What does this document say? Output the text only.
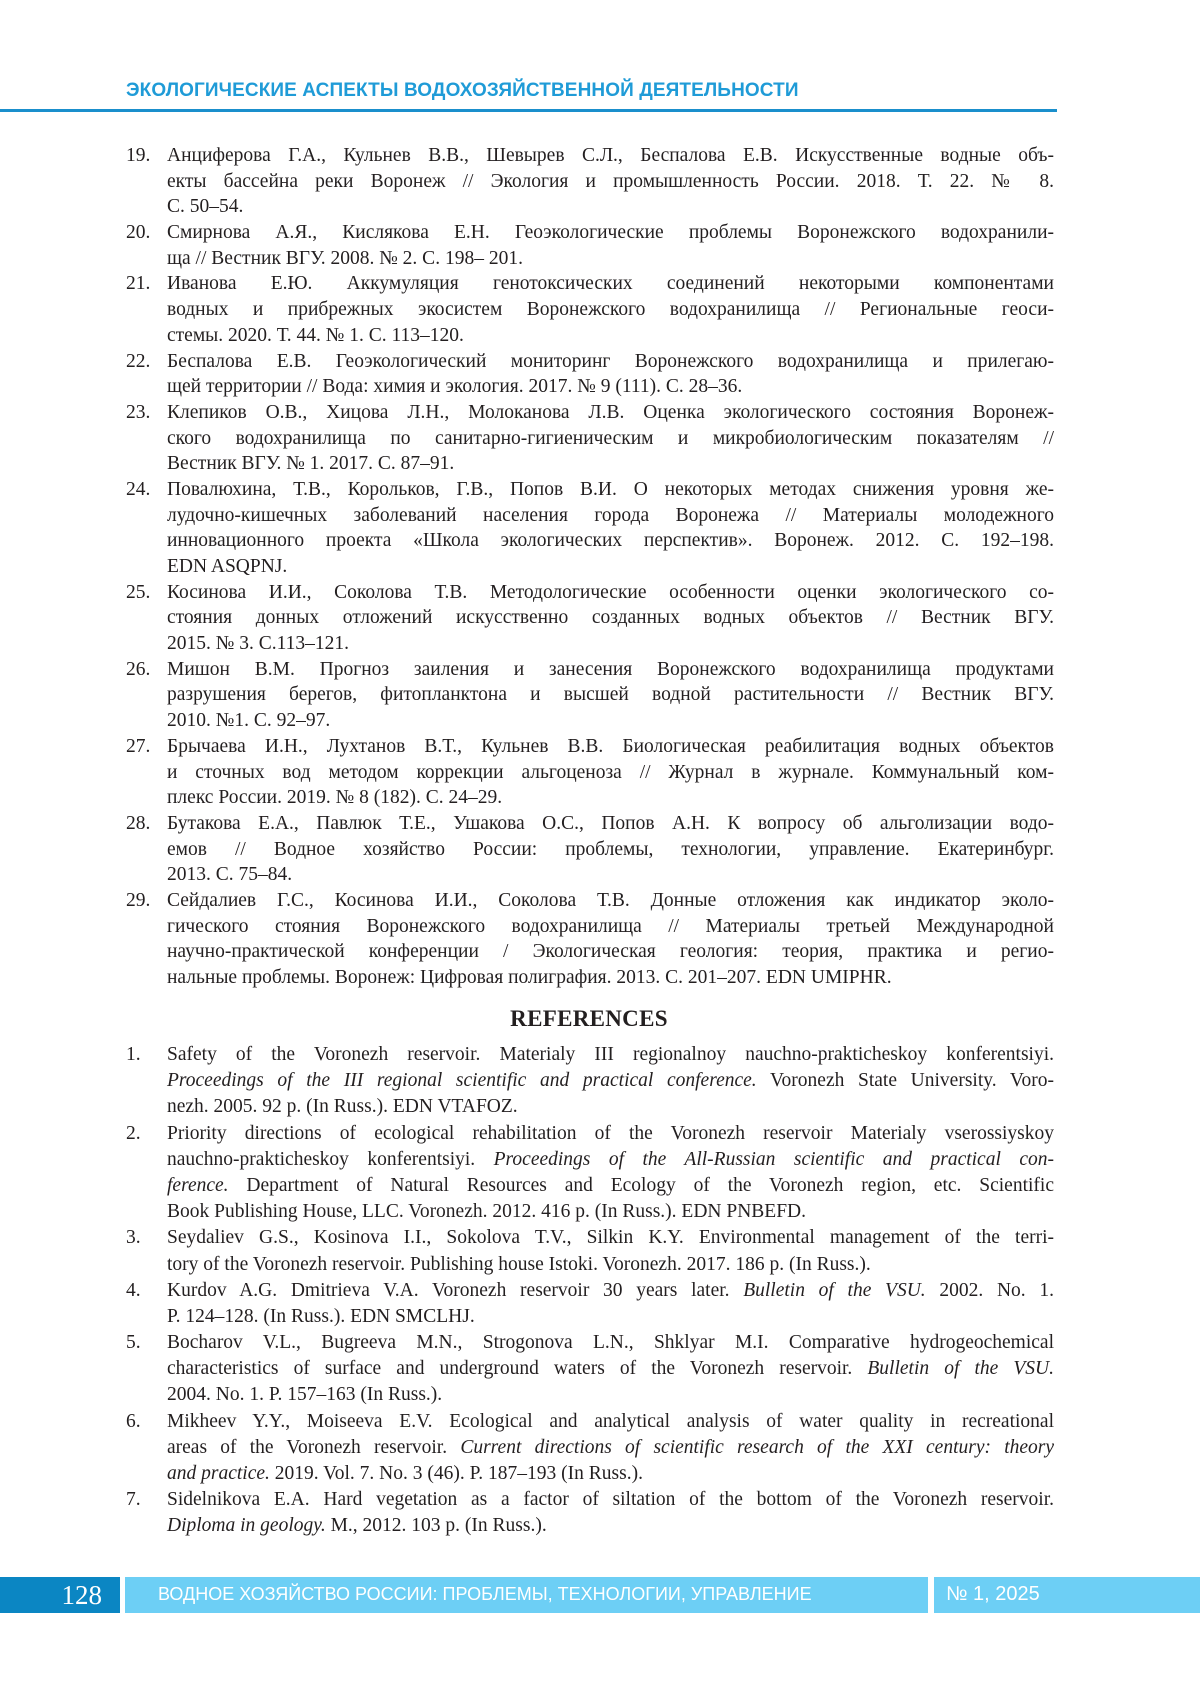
ЭКОЛОГИЧЕСКИЕ АСПЕКТЫ ВОДОХОЗЯЙСТВЕННОЙ ДЕЯТЕЛЬНОСТИ
19. Анциферова Г.А., Кульнев В.В., Шевырев С.Л., Беспалова Е.В. Искусственные водные объ-
екты бассейна реки Воронеж // Экология и промышленность России. 2018. Т. 22. № 8.
С. 50–54.
20. Смирнова А.Я., Кислякова Е.Н. Геоэкологические проблемы Воронежского водохранили-
ща // Вестник ВГУ. 2008. № 2. С. 198– 201.
21. Иванова Е.Ю. Аккумуляция генотоксических соединений некоторыми компонентами
водных и прибрежных экосистем Воронежского водохранилища // Региональные геоси-
стемы. 2020. Т. 44. № 1. С. 113–120.
22. Беспалова Е.В. Геоэкологический мониторинг Воронежского водохранилища и прилегаю-
щей территории // Вода: химия и экология. 2017. № 9 (111). С. 28–36.
23. Клепиков О.В., Хицова Л.Н., Молоканова Л.В. Оценка экологического состояния Воронеж-
ского водохранилища по санитарно-гигиеническим и микробиологическим показателям //
Вестник ВГУ. № 1. 2017. С. 87–91.
24. Повалюхина, Т.В., Корольков, Г.В., Попов В.И. О некоторых методах снижения уровня же-
лудочно-кишечных заболеваний населения города Воронежа // Материалы молодежного
инновационного проекта «Школа экологических перспектив». Воронеж. 2012. С. 192–198.
EDN ASQPNJ.
25. Косинова И.И., Соколова Т.В. Методологические особенности оценки экологического со-
стояния донных отложений искусственно созданных водных объектов // Вестник ВГУ.
2015. № 3. С.113–121.
26. Мишон В.М. Прогноз заиления и занесения Воронежского водохранилища продуктами
разрушения берегов, фитопланктона и высшей водной растительности // Вестник ВГУ.
2010. №1. С. 92–97.
27. Брычаева И.Н., Лухтанов В.Т., Кульнев В.В. Биологическая реабилитация водных объектов
и сточных вод методом коррекции альгоценоза // Журнал в журнале. Коммунальный ком-
плекс России. 2019. № 8 (182). С. 24–29.
28. Бутакова Е.А., Павлюк Т.Е., Ушакова О.С., Попов А.Н. К вопросу об альголизации водо-
емов // Водное хозяйство России: проблемы, технологии, управление. Екатеринбург.
2013. С. 75–84.
29. Сейдалиев Г.С., Косинова И.И., Соколова Т.В. Донные отложения как индикатор эколо-
гического стояния Воронежского водохранилища // Материалы третьей Международной
научно-практической конференции / Экологическая геология: теория, практика и регио-
нальные проблемы. Воронеж: Цифровая полиграфия. 2013. С. 201–207. EDN UMIPHR.
REFERENCES
1. Safety of the Voronezh reservoir. Materialy III regionalnoy nauchno-prakticheskoy konferentsiyi.
Proceedings of the III regional scientific and practical conference. Voronezh State University. Voro-
nezh. 2005. 92 p. (In Russ.). EDN VTAFOZ.
2. Priority directions of ecological rehabilitation of the Voronezh reservoir Materialy vserossiyskoy
nauchno-prakticheskoy konferentsiyi. Proceedings of the All-Russian scientific and practical con-
ference. Department of Natural Resources and Ecology of the Voronezh region, etc. Scientific
Book Publishing House, LLC. Voronezh. 2012. 416 p. (In Russ.). EDN PNBEFD.
3. Seydaliev G.S., Kosinova I.I., Sokolova T.V., Silkin K.Y. Environmental management of the terri-
tory of the Voronezh reservoir. Publishing house Istoki. Voronezh. 2017. 186 p. (In Russ.).
4. Kurdov A.G. Dmitrieva V.A. Voronezh reservoir 30 years later. Bulletin of the VSU. 2002. No. 1.
P. 124–128. (In Russ.). EDN SMCLHJ.
5. Bocharov V.L., Bugreeva M.N., Strogonova L.N., Shklyar M.I. Comparative hydrogeochemical
characteristics of surface and underground waters of the Voronezh reservoir. Bulletin of the VSU.
2004. No. 1. P. 157–163 (In Russ.).
6. Mikheev Y.Y., Moiseeva E.V. Ecological and analytical analysis of water quality in recreational
areas of the Voronezh reservoir. Current directions of scientific research of the XXI century: theory
and practice. 2019. Vol. 7. No. 3 (46). P. 187–193 (In Russ.).
7. Sidelnikova E.A. Hard vegetation as a factor of siltation of the bottom of the Voronezh reservoir.
Diploma in geology. M., 2012. 103 p. (In Russ.).
128	ВОДНОЕ ХОЗЯЙСТВО РОССИИ: ПРОБЛЕМЫ, ТЕХНОЛОГИИ, УПРАВЛЕНИЕ	№ 1, 2025
